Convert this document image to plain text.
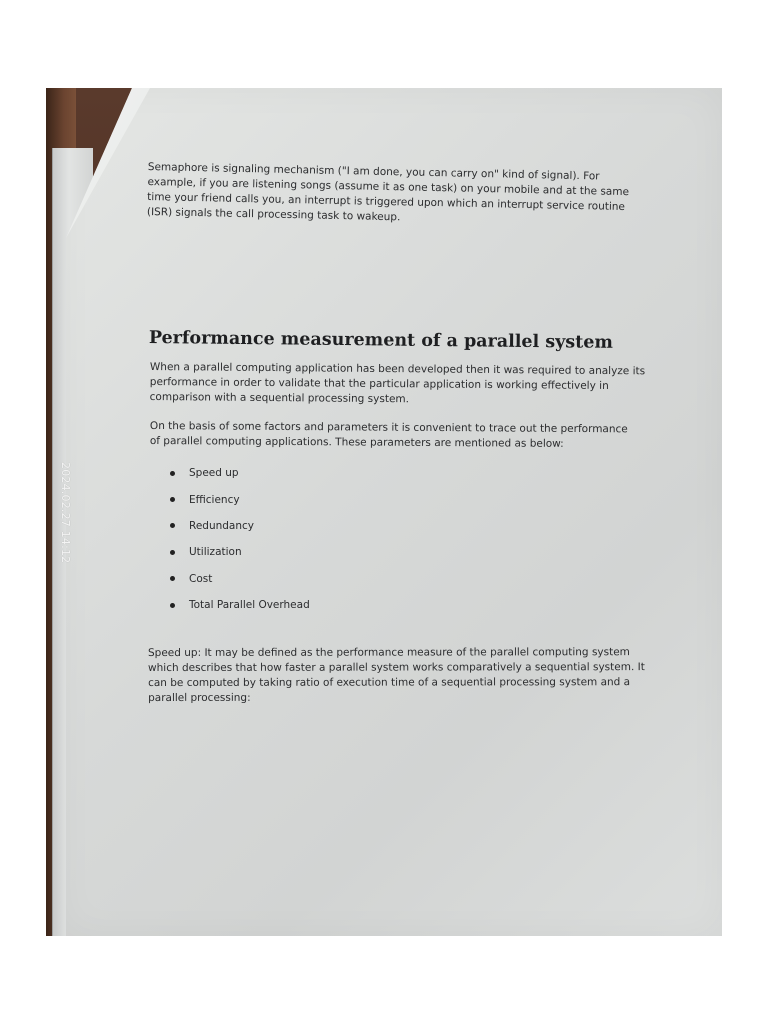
Semaphore is signaling mechanism ("I am done, you can carry on" kind of signal). For example, if you are listening songs (assume it as one task) on your mobile and at the same time your friend calls you, an interrupt is triggered upon which an interrupt service routine (ISR) signals the call processing task to wakeup.
Performance measurement of a parallel system
When a parallel computing application has been developed then it was required to analyze its performance in order to validate that the particular application is working effectively in comparison with a sequential processing system.
On the basis of some factors and parameters it is convenient to trace out the performance of parallel computing applications. These parameters are mentioned as below:
Speed up
Efficiency
Redundancy
Utilization
Cost
Total Parallel Overhead
Speed up: It may be defined as the performance measure of the parallel computing system which describes that how faster a parallel system works comparatively a sequential system. It can be computed by taking ratio of execution time of a sequential processing system and a parallel processing:
2024.02.27 14:12
